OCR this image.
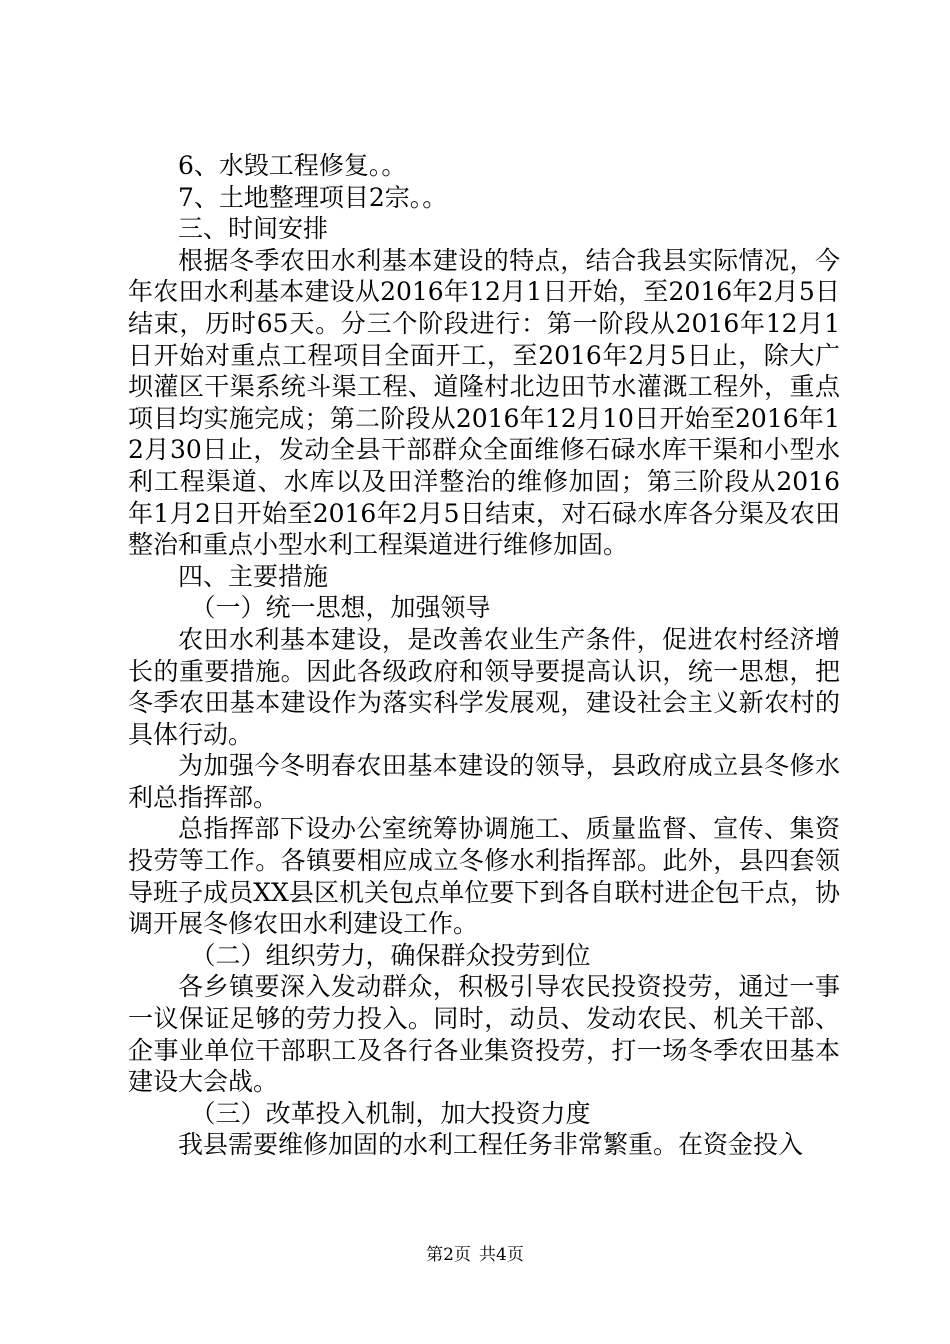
6、水毁工程修复。。

7、土地整理项目2宗。。

三、时间安排

根据冬季农田水利基本建设的特点，结合我县实际情况，今年农田水利基本建设从2016年12月1日开始，至2016年2月5日结束，历时65天。分三个阶段进行：第一阶段从2016年12月1日开始对重点工程项目全面开工，至2016年2月5日止，除大广坝灌区干渠系统斗渠工程、道隆村北边田节水灌溉工程外，重点项目均实施完成；第二阶段从2016年12月10日开始至2016年12月30日止，发动全县干部群众全面维修石碌水库干渠和小型水利工程渠道、水库以及田洋整治的维修加固；第三阶段从2016年1月2日开始至2016年2月5日结束，对石碌水库各分渠及农田整治和重点小型水利工程渠道进行维修加固。

四、主要措施

（一）统一思想，加强领导

农田水利基本建设，是改善农业生产条件，促进农村经济增长的重要措施。因此各级政府和领导要提高认识，统一思想，把冬季农田基本建设作为落实科学发展观，建设社会主义新农村的具体行动。

为加强今冬明春农田基本建设的领导，县政府成立县冬修水利总指挥部。

总指挥部下设办公室统筹协调施工、质量监督、宣传、集资投劳等工作。各镇要相应成立冬修水利指挥部。此外，县四套领导班子成员XX县区机关包点单位要下到各自联村进企包干点，协调开展冬修农田水利建设工作。

（二）组织劳力，确保群众投劳到位

各乡镇要深入发动群众，积极引导农民投资投劳，通过一事一议保证足够的劳力投入。同时，动员、发动农民、机关干部、企事业单位干部职工及各行各业集资投劳，打一场冬季农田基本建设大会战。

（三）改革投入机制，加大投资力度

我县需要维修加固的水利工程任务非常繁重。在资金投入

第2页 共4页
